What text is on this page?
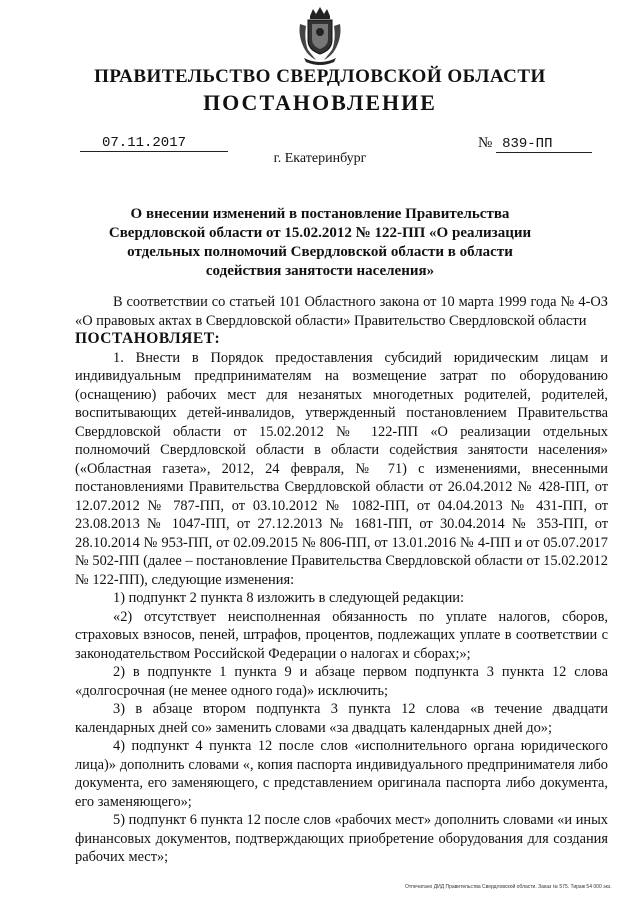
ПРАВИТЕЛЬСТВО СВЕРДЛОВСКОЙ ОБЛАСТИ
ПОСТАНОВЛЕНИЕ
07.11.2017	№ 839-ПП
г. Екатеринбург
О внесении изменений в постановление Правительства Свердловской области от 15.02.2012 № 122-ПП «О реализации отдельных полномочий Свердловской области в области содействия занятости населения»

В соответствии со статьей 101 Областного закона от 10 марта 1999 года № 4-ОЗ «О правовых актах в Свердловской области» Правительство Свердловской области

ПОСТАНОВЛЯЕТ:

1. Внести в Порядок предоставления субсидий юридическим лицам и индивидуальным предпринимателям на возмещение затрат по оборудованию (оснащению) рабочих мест для незанятых многодетных родителей, родителей, воспитывающих детей-инвалидов, утвержденный постановлением Правительства Свердловской области от 15.02.2012 № 122-ПП «О реализации отдельных полномочий Свердловской области в области содействия занятости населения» («Областная газета», 2012, 24 февраля, № 71) с изменениями, внесенными постановлениями Правительства Свердловской области от 26.04.2012 № 428-ПП, от 12.07.2012 № 787-ПП, от 03.10.2012 № 1082-ПП, от 04.04.2013 № 431-ПП, от 23.08.2013 № 1047-ПП, от 27.12.2013 № 1681-ПП, от 30.04.2014 № 353-ПП, от 28.10.2014 № 953-ПП, от 02.09.2015 № 806-ПП, от 13.01.2016 № 4-ПП и от 05.07.2017 № 502-ПП (далее – постановление Правительства Свердловской области от 15.02.2012 № 122-ПП), следующие изменения:

1) подпункт 2 пункта 8 изложить в следующей редакции:

«2) отсутствует неисполненная обязанность по уплате налогов, сборов, страховых взносов, пеней, штрафов, процентов, подлежащих уплате в соответствии с законодательством Российской Федерации о налогах и сборах;»;

2) в подпункте 1 пункта 9 и абзаце первом подпункта 3 пункта 12 слова «долгосрочная (не менее одного года)» исключить;

3) в абзаце втором подпункта 3 пункта 12 слова «в течение двадцати календарных дней со» заменить словами «за двадцать календарных дней до»;

4) подпункт 4 пункта 12 после слов «исполнительного органа юридического лица)» дополнить словами «, копия паспорта индивидуального предпринимателя либо документа, его заменяющего, с представлением оригинала паспорта либо документа, его заменяющего»;

5) подпункт 6 пункта 12 после слов «рабочих мест» дополнить словами «и иных финансовых документов, подтверждающих приобретение оборудования для создания рабочих мест»;

Отпечатано ДИД Правительства Свердловской области. Заказ № 575. Тираж 54 000 экз.
